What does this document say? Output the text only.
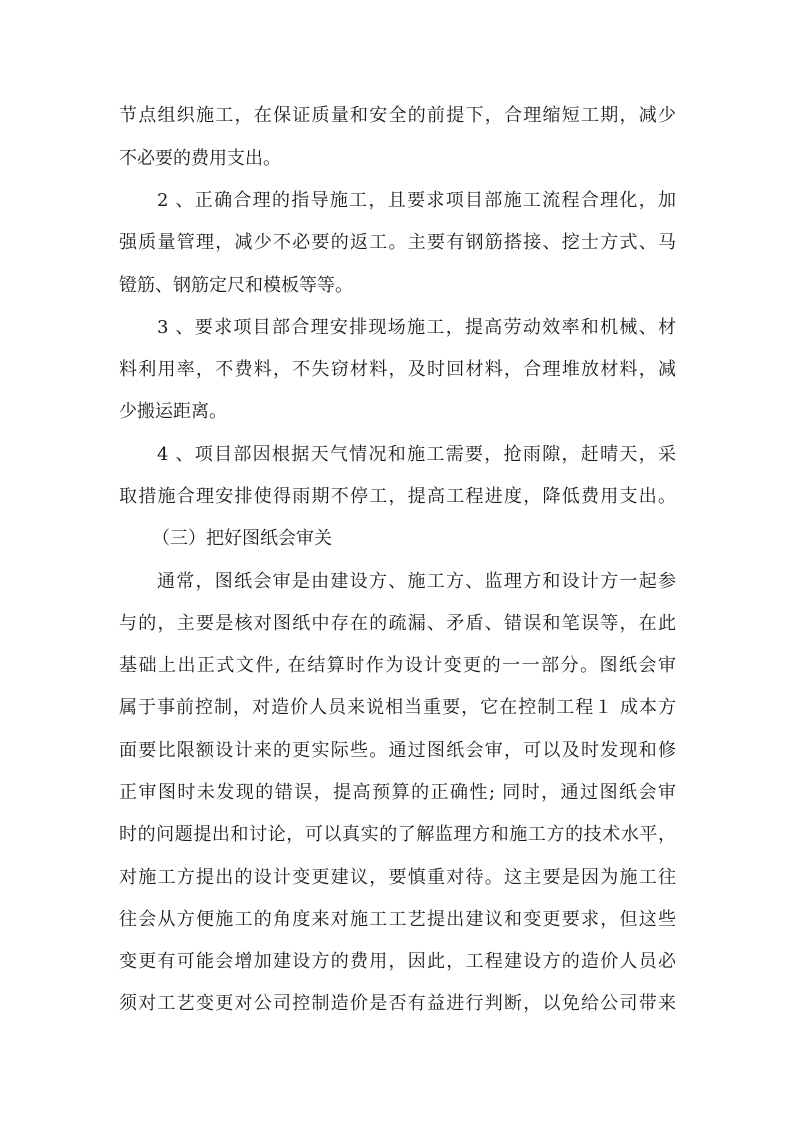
节点组织施工，在保证质量和安全的前提下，合理缩短工期，减少
不必要的费用支出。
2 、正确合理的指导施工，且要求项目部施工流程合理化，加
强质量管理，减少不必要的返工。主要有钢筋搭接、挖士方式、马
镫筋、钢筋定尺和模板等等。
3 、要求项目部合理安排现场施工，提高劳动效率和机械、材
料利用率，不费料，不失窃材料，及时回材料，合理堆放材料，减
少搬运距离。
4 、项目部因根据天气情况和施工需要，抢雨隙，赶晴天，采
取措施合理安排使得雨期不停工，提高工程进度，降低费用支出。
（三）把好图纸会审关
通常，图纸会审是由建设方、施工方、监理方和设计方一起参
与的，主要是核对图纸中存在的疏漏、矛盾、错误和笔误等，在此
基础上出正式文件, 在结算时作为设计变更的一一部分。图纸会审
属于事前控制，对造价人员来说相当重要，它在控制工程１ 成本方
面要比限额设计来的更实际些。通过图纸会审，可以及时发现和修
正审图时未发现的错误，提高预算的正确性; 同时，通过图纸会审
时的问题提出和讨论，可以真实的了解监理方和施工方的技术水平，
对施工方提出的设计变更建议，要慎重对待。这主要是因为施工往
往会从方便施工的角度来对施工工艺提出建议和变更要求，但这些
变更有可能会增加建设方的费用，因此，工程建设方的造价人员必
须对工艺变更对公司控制造价是否有益进行判断，以免给公司带来
